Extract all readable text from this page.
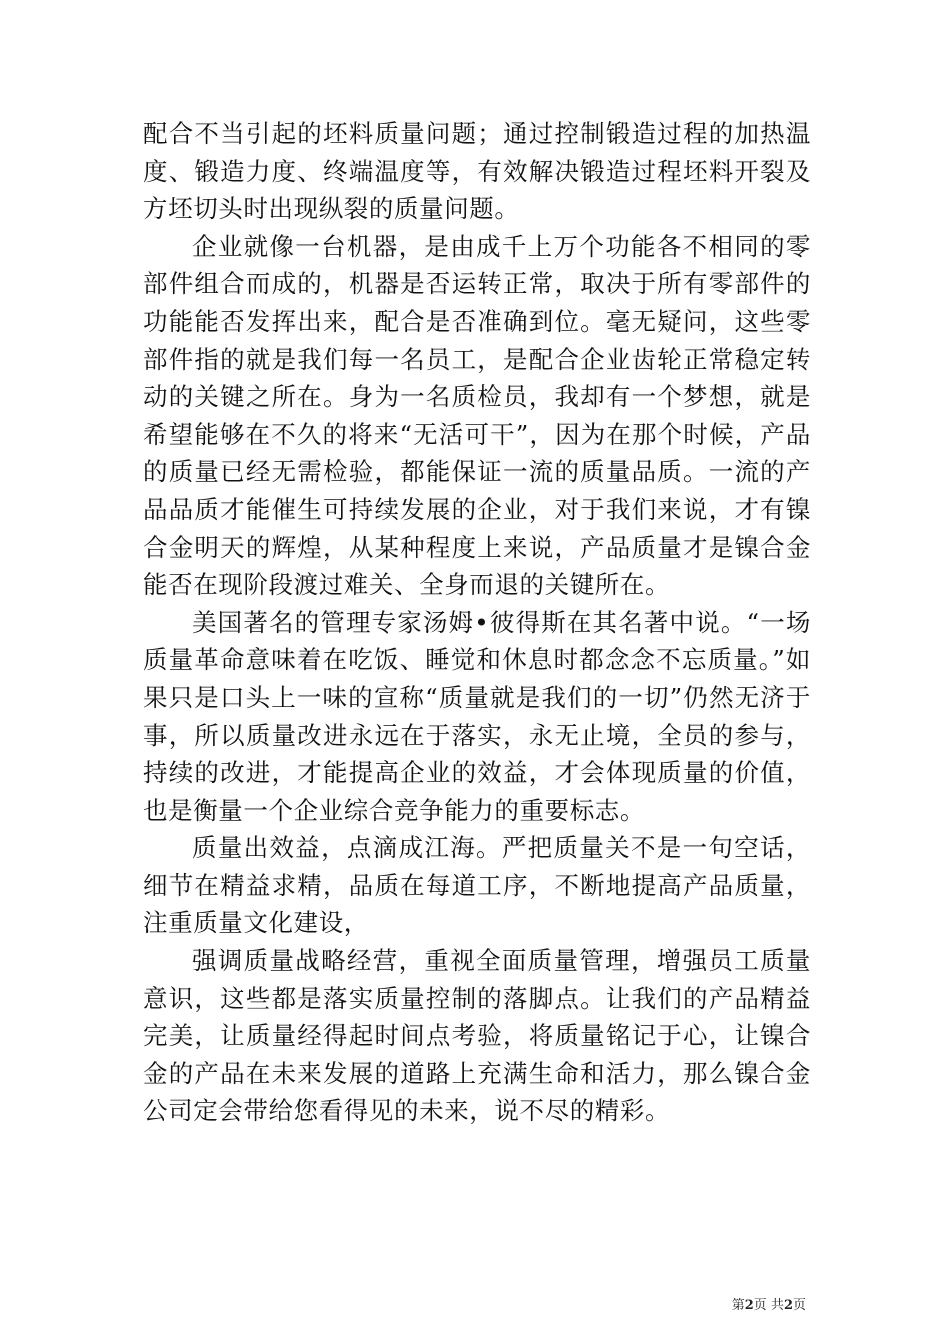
配合不当引起的坯料质量问题；通过控制锻造过程的加热温度、锻造力度、终端温度等，有效解决锻造过程坯料开裂及方坯切头时出现纵裂的质量问题。

企业就像一台机器，是由成千上万个功能各不相同的零部件组合而成的，机器是否运转正常，取决于所有零部件的功能能否发挥出来，配合是否准确到位。毫无疑问，这些零部件指的就是我们每一名员工，是配合企业齿轮正常稳定转动的关键之所在。身为一名质检员，我却有一个梦想，就是希望能够在不久的将来“无活可干”，因为在那个时候，产品的质量已经无需检验，都能保证一流的质量品质。一流的产品品质才能催生可持续发展的企业，对于我们来说，才有镍合金明天的辉煌，从某种程度上来说，产品质量才是镍合金能否在现阶段渡过难关、全身而退的关键所在。

美国著名的管理专家汤姆•彼得斯在其名著中说。“一场质量革命意味着在吃饭、睡觉和休息时都念念不忘质量。”如果只是口头上一味的宣称“质量就是我们的一切”仍然无济于事，所以质量改进永远在于落实，永无止境，全员的参与，持续的改进，才能提高企业的效益，才会体现质量的价值，也是衡量一个企业综合竞争能力的重要标志。

质量出效益，点滴成江海。严把质量关不是一句空话，细节在精益求精，品质在每道工序，不断地提高产品质量，注重质量文化建设，

强调质量战略经营，重视全面质量管理，增强员工质量意识，这些都是落实质量控制的落脚点。让我们的产品精益完美，让质量经得起时间点考验，将质量铭记于心，让镍合金的产品在未来发展的道路上充满生命和活力，那么镍合金公司定会带给您看得见的未来，说不尽的精彩。

第2页 共2页
